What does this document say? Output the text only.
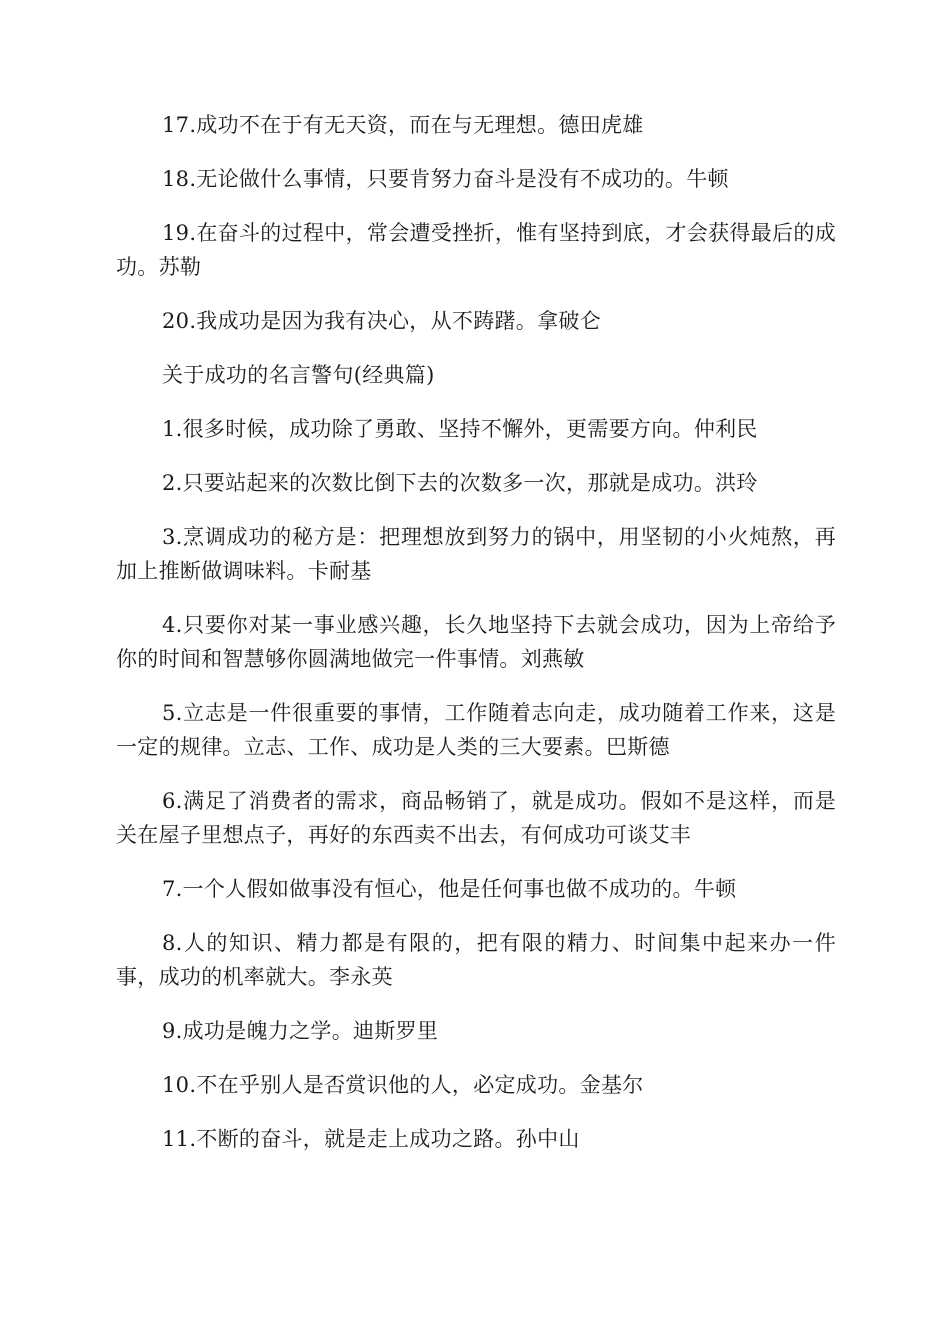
17.成功不在于有无天资，而在与无理想。德田虎雄

18.无论做什么事情，只要肯努力奋斗是没有不成功的。牛顿

19.在奋斗的过程中，常会遭受挫折，惟有坚持到底，才会获得最后的成功。苏勒

20.我成功是因为我有决心，从不踌躇。拿破仑

关于成功的名言警句(经典篇)

1.很多时候，成功除了勇敢、坚持不懈外，更需要方向。仲利民

2.只要站起来的次数比倒下去的次数多一次，那就是成功。洪玲

3.烹调成功的秘方是：把理想放到努力的锅中，用坚韧的小火炖熬，再加上推断做调味料。卡耐基

4.只要你对某一事业感兴趣，长久地坚持下去就会成功，因为上帝给予你的时间和智慧够你圆满地做完一件事情。刘燕敏

5.立志是一件很重要的事情，工作随着志向走，成功随着工作来，这是一定的规律。立志、工作、成功是人类的三大要素。巴斯德

6.满足了消费者的需求，商品畅销了，就是成功。假如不是这样，而是关在屋子里想点子，再好的东西卖不出去，有何成功可谈艾丰

7.一个人假如做事没有恒心，他是任何事也做不成功的。牛顿

8.人的知识、精力都是有限的，把有限的精力、时间集中起来办一件事，成功的机率就大。李永英

9.成功是魄力之学。迪斯罗里

10.不在乎别人是否赏识他的人，必定成功。金基尔

11.不断的奋斗，就是走上成功之路。孙中山
